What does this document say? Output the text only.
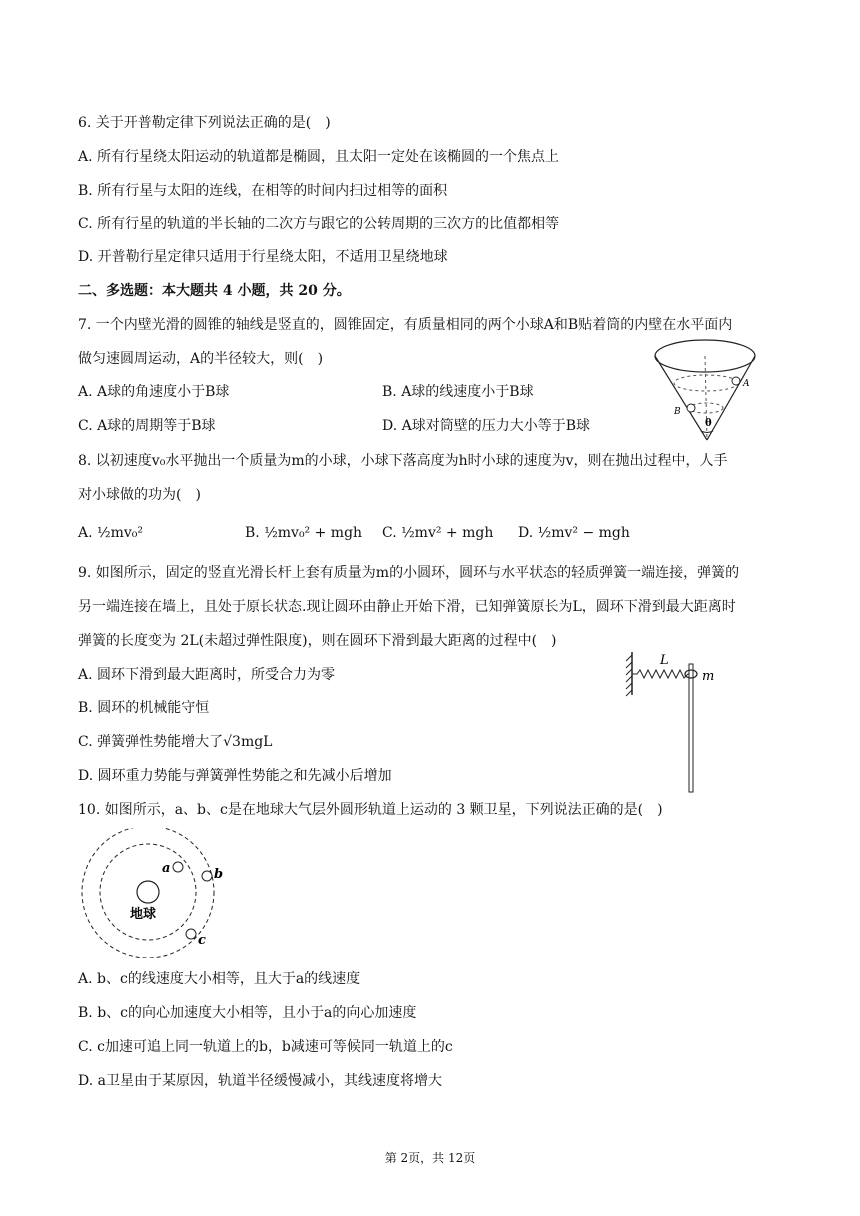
6. 关于开普勒定律下列说法正确的是(　)
A. 所有行星绕太阳运动的轨道都是椭圆，且太阳一定处在该椭圆的一个焦点上
B. 所有行星与太阳的连线，在相等的时间内扫过相等的面积
C. 所有行星的轨道的半长轴的二次方与跟它的公转周期的三次方的比值都相等
D. 开普勒行星定律只适用于行星绕太阳，不适用卫星绕地球
二、多选题：本大题共 4 小题，共 20 分。
7. 一个内壁光滑的圆锥的轴线是竖直的，圆锥固定，有质量相同的两个小球A和B贴着筒的内壁在水平面内
做匀速圆周运动，A的半径较大，则(　)
A. A球的角速度小于B球	B. A球的线速度小于B球
C. A球的周期等于B球	D. A球对筒壁的压力大小等于B球
A
B
θ
8. 以初速度v₀水平抛出一个质量为m的小球，小球下落高度为h时小球的速度为v，则在抛出过程中，人手
对小球做的功为(　)
A. ½mv₀²	B. ½mv₀² + mgh C. ½mv² + mgh D. ½mv² − mgh
9. 如图所示，固定的竖直光滑长杆上套有质量为m的小圆环，圆环与水平状态的轻质弹簧一端连接，弹簧的
另一端连接在墙上，且处于原长状态.现让圆环由静止开始下滑，已知弹簧原长为L，圆环下滑到最大距离时
弹簧的长度变为 2L(未超过弹性限度)，则在圆环下滑到最大距离的过程中(　)
A. 圆环下滑到最大距离时，所受合力为零
B. 圆环的机械能守恒
C. 弹簧弹性势能增大了√3mgL
D. 圆环重力势能与弹簧弹性势能之和先减小后增加
L
m
10. 如图所示，a、b、c是在地球大气层外圆形轨道上运动的 3 颗卫星，下列说法正确的是(　)
地球
a	b
c
A. b、c的线速度大小相等，且大于a的线速度
B. b、c的向心加速度大小相等，且小于a的向心加速度
C. c加速可追上同一轨道上的b，b减速可等候同一轨道上的c
D. a卫星由于某原因，轨道半径缓慢减小，其线速度将增大
第 2页，共 12页
